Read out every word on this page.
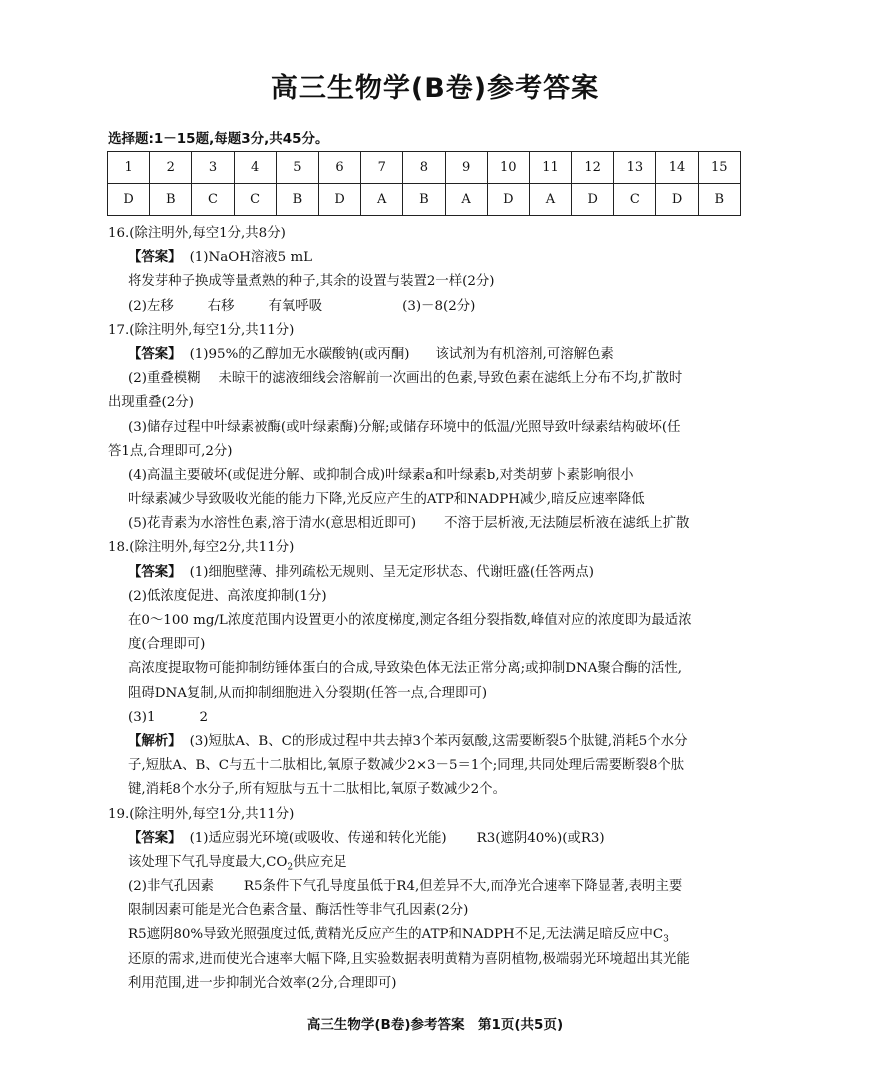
高三生物学(B卷)参考答案
选择题:1－15题,每题3分,共45分。
1	2	3	4	5	6	7	8	9	10	11	12	13	14	15
D	B	C	C	B	D	A	B	A	D	A	D	C	D	B
16.(除注明外,每空1分,共8分)
【答案】 (1)NaOH溶液5 mL
将发芽种子换成等量煮熟的种子,其余的设置与装置2一样(2分)
(2)左移	右移	有氧呼吸	(3)－8(2分)
17.(除注明外,每空1分,共11分)
【答案】 (1)95%的乙醇加无水碳酸钠(或丙酮) 该试剂为有机溶剂,可溶解色素
(2)重叠模糊 未晾干的滤液细线会溶解前一次画出的色素,导致色素在滤纸上分布不均,扩散时
出现重叠(2分)
(3)储存过程中叶绿素被酶(或叶绿素酶)分解;或储存环境中的低温/光照导致叶绿素结构破坏(任
答1点,合理即可,2分)
(4)高温主要破坏(或促进分解、或抑制合成)叶绿素a和叶绿素b,对类胡萝卜素影响很小
叶绿素减少导致吸收光能的能力下降,光反应产生的ATP和NADPH减少,暗反应速率降低
(5)花青素为水溶性色素,溶于清水(意思相近即可) 不溶于层析液,无法随层析液在滤纸上扩散
18.(除注明外,每空2分,共11分)
【答案】 (1)细胞壁薄、排列疏松无规则、呈无定形状态、代谢旺盛(任答两点)
(2)低浓度促进、高浓度抑制(1分)
在0～100 mg/L浓度范围内设置更小的浓度梯度,测定各组分裂指数,峰值对应的浓度即为最适浓
度(合理即可)
高浓度提取物可能抑制纺锤体蛋白的合成,导致染色体无法正常分离;或抑制DNA聚合酶的活性,
阻碍DNA复制,从而抑制细胞进入分裂期(任答一点,合理即可)
(3)1	2
【解析】 (3)短肽A、B、C的形成过程中共去掉3个苯丙氨酸,这需要断裂5个肽键,消耗5个水分
子,短肽A、B、C与五十二肽相比,氧原子数减少2×3－5＝1个;同理,共同处理后需要断裂8个肽
键,消耗8个水分子,所有短肽与五十二肽相比,氧原子数减少2个。
19.(除注明外,每空1分,共11分)
【答案】 (1)适应弱光环境(或吸收、传递和转化光能) R3(遮阴40%)(或R3)
该处理下气孔导度最大$,CO_2$供应充足
(2)非气孔因素 R5条件下气孔导度虽低于R4,但差异不大,而净光合速率下降显著,表明主要
限制因素可能是光合色素含量、酶活性等非气孔因素(2分)
R5遮阴80%导致光照强度过低,黄精光反应产生的ATP和NADPH不足,无法满足暗反应中$C_3$
还原的需求,进而使光合速率大幅下降,且实验数据表明黄精为喜阴植物,极端弱光环境超出其光能
利用范围,进一步抑制光合效率(2分,合理即可)
高三生物学(B卷)参考答案　第1页(共5页)
